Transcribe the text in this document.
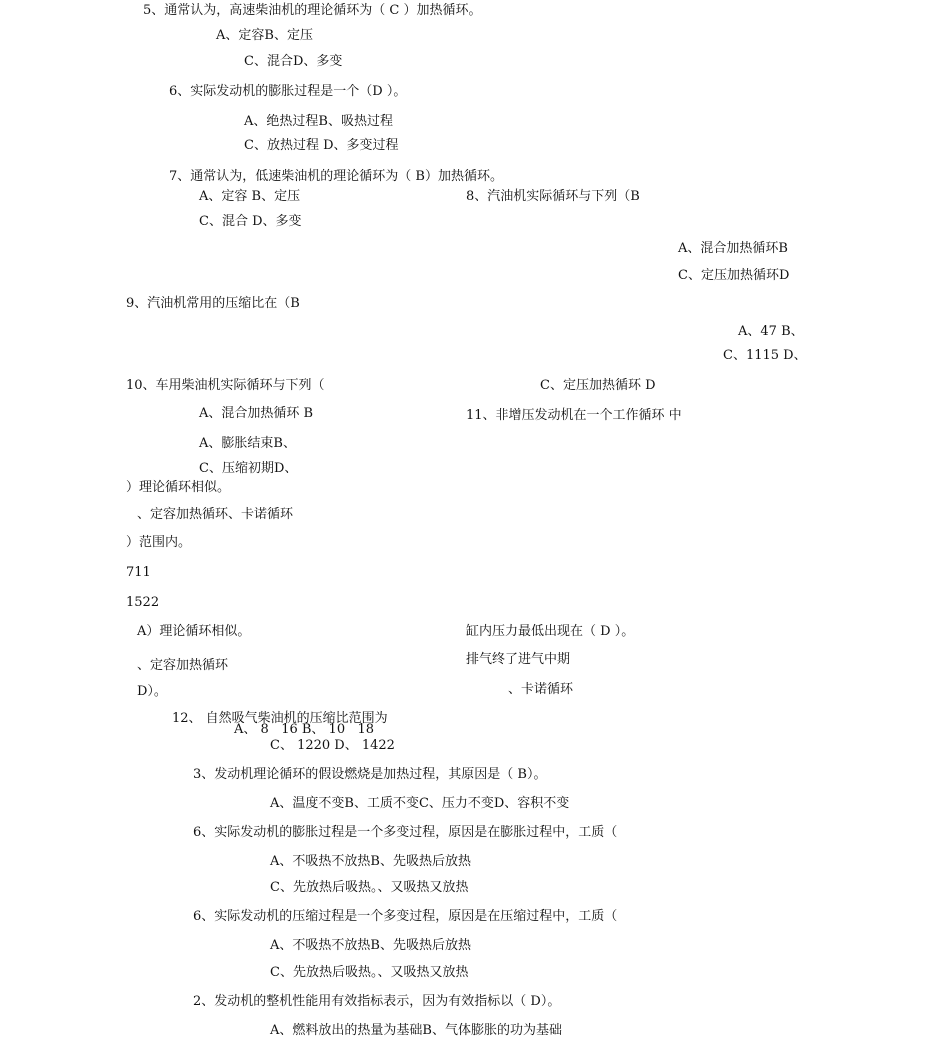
5、通常认为，高速柴油机的理论循环为（ C ）加热循环。
A、定容B、定压
C、混合D、多变
6、实际发动机的膨胀过程是一个（D ）。
A、绝热过程B、吸热过程
C、放热过程 D、多变过程
7、通常认为，低速柴油机的理论循环为（ B）加热循环。
A、定容 B、定压	8、汽油机实际循环与下列（B
C、混合 D、多变
A、混合加热循环B
C、定压加热循环D
9、汽油机常用的压缩比在（B
A、47 B、
C、1115 D、
10、车用柴油机实际循环与下列（	C、定压加热循环 D
A、混合加热循环 B	11、非增压发动机在一个工作循环 中
A、膨胀结束B、
C、压缩初期D、
）理论循环相似。
、定容加热循环、卡诺循环
）范围内。
711
1522
A）理论循环相似。	缸内压力最低出现在（ D ）。
排气终了进气中期
、定容加热循环
、卡诺循环
D）。
12、 自然吸气柴油机的压缩比范围为
A、 8   16 B、 10   18
C、 1220 D、 1422
3、发动机理论循环的假设燃烧是加热过程，其原因是（ B）。
A、温度不变B、工质不变C、压力不变D、容积不变
6、实际发动机的膨胀过程是一个多变过程，原因是在膨胀过程中，工质（
A、不吸热不放热B、先吸热后放热
C、先放热后吸热。、又吸热又放热
6、实际发动机的压缩过程是一个多变过程，原因是在压缩过程中，工质（
A、不吸热不放热B、先吸热后放热
C、先放热后吸热。、又吸热又放热
2、发动机的整机性能用有效指标表示，因为有效指标以（ D）。
A、燃料放出的热量为基础B、气体膨胀的功为基础
